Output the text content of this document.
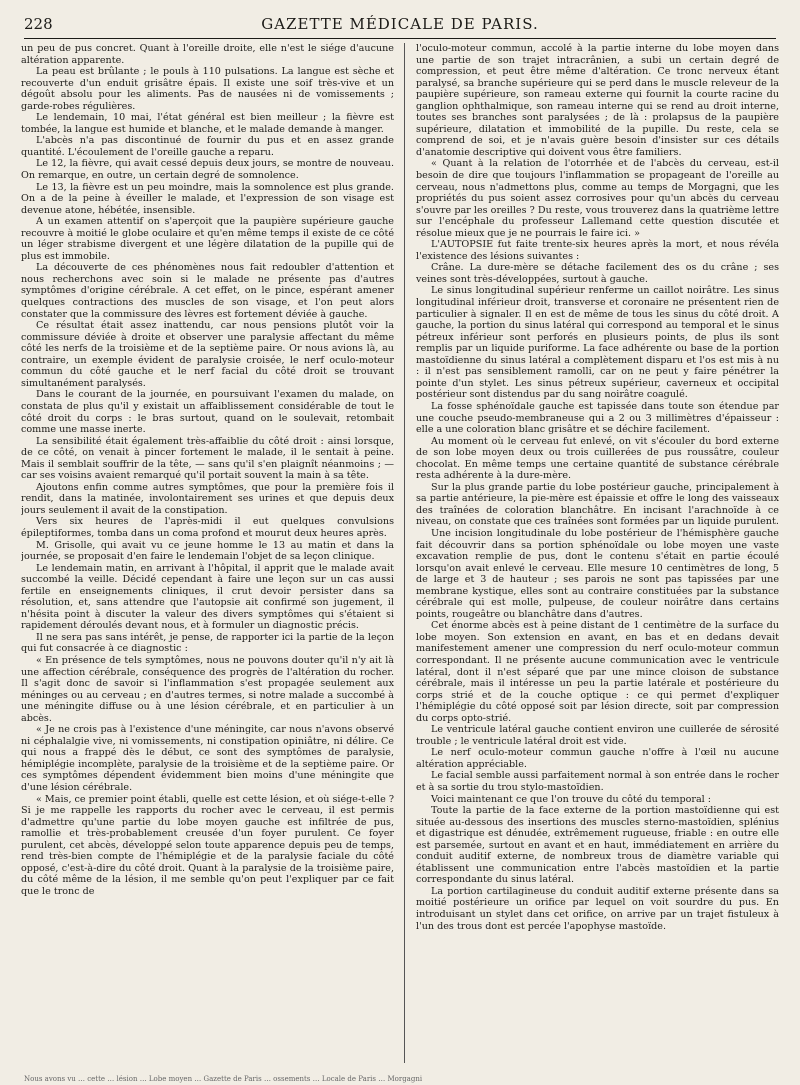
228	GAZETTE MÉDICALE DE PARIS.

un peu de pus concret. Quant à l'oreille droite, elle n'est le siége d'aucune altération apparente.

La peau est brûlante ; le pouls à 110 pulsations. La langue est sèche et recouverte d'un enduit grisâtre épais. Il existe une soif très-vive et un dégoût absolu pour les aliments. Pas de nausées ni de vomissements ; garde-robes régulières.

Le lendemain, 10 mai, l'état général est bien meilleur ; la fièvre est tombée, la langue est humide et blanche, et le malade demande à manger.

L'abcès n'a pas discontinué de fournir du pus et en assez grande quantité. L'écoulement de l'oreille gauche a reparu.

Le 12, la fièvre, qui avait cessé depuis deux jours, se montre de nouveau. On remarque, en outre, un certain degré de somnolence.

Le 13, la fièvre est un peu moindre, mais la somnolence est plus grande. On a de la peine à éveiller le malade, et l'expression de son visage est devenue atone, hébétée, insensible.

A un examen attentif on s'aperçoit que la paupière supérieure gauche recouvre à moitié le globe oculaire et qu'en même temps il existe de ce côté un léger strabisme divergent et une légère dilatation de la pupille qui de plus est immobile.

La découverte de ces phénomènes nous fait redoubler d'attention et nous recherchons avec soin si le malade ne présente pas d'autres symptômes d'origine cérébrale. A cet effet, on le pince, espérant amener quelques contractions des muscles de son visage, et l'on peut alors constater que la commissure des lèvres est fortement déviée à gauche.

Ce résultat était assez inattendu, car nous pensions plutôt voir la commissure déviée à droite et observer une paralysie affectant du même côté les nerfs de la troisième et de la septième paire. Or nous avions là, au contraire, un exemple évident de paralysie croisée, le nerf oculo-moteur commun du côté gauche et le nerf facial du côté droit se trouvant simultanément paralysés.

Dans le courant de la journée, en poursuivant l'examen du malade, on constata de plus qu'il y existait un affaiblissement considérable de tout le côté droit du corps : le bras surtout, quand on le soulevait, retombait comme une masse inerte.

La sensibilité était également très-affaiblie du côté droit : ainsi lorsque, de ce côté, on venait à pincer fortement le malade, il le sentait à peine. Mais il semblait souffrir de la tête, — sans qu'il s'en plaignît néanmoins ; — car ses voisins avaient remarqué qu'il portait souvent la main à sa tête.

Ajoutons enfin comme autres symptômes, que pour la première fois il rendit, dans la matinée, involontairement ses urines et que depuis deux jours seulement il avait de la constipation.

Vers six heures de l'après-midi il eut quelques convulsions épileptiformes, tomba dans un coma profond et mourut deux heures après.

M. Grisolle, qui avait vu ce jeune homme le 13 au matin et dans la journée, se proposait d'en faire le lendemain l'objet de sa leçon clinique.

Le lendemain matin, en arrivant à l'hôpital, il apprit que le malade avait succombé la veille. Décidé cependant à faire une leçon sur un cas aussi fertile en enseignements cliniques, il crut devoir persister dans sa résolution, et, sans attendre que l'autopsie ait confirmé son jugement, il n'hésita point à discuter la valeur des divers symptômes qui s'étaient si rapidement déroulés devant nous, et à formuler un diagnostic précis.

Il ne sera pas sans intérêt, je pense, de rapporter ici la partie de la leçon qui fut consacrée à ce diagnostic :

« En présence de tels symptômes, nous ne pouvons douter qu'il n'y ait là une affection cérébrale, conséquence des progrès de l'altération du rocher. Il s'agit donc de savoir si l'inflammation s'est propagée seulement aux méninges ou au cerveau ; en d'autres termes, si notre malade a succombé à une méningite diffuse ou à une lésion cérébrale, et en particulier à un abcès.

« Je ne crois pas à l'existence d'une méningite, car nous n'avons observé ni céphalalgie vive, ni vomissements, ni constipation opiniâtre, ni délire. Ce qui nous a frappé dès le début, ce sont des symptômes de paralysie, hémiplégie incomplète, paralysie de la troisième et de la septième paire. Or ces symptômes dépendent évidemment bien moins d'une méningite que d'une lésion cérébrale.

« Mais, ce premier point établi, quelle est cette lésion, et où siége-t-elle ? Si je me rappelle les rapports du rocher avec le cerveau, il est permis d'admettre qu'une partie du lobe moyen gauche est infiltrée de pus, ramollie et très-probablement creusée d'un foyer purulent. Ce foyer purulent, cet abcès, développé selon toute apparence depuis peu de temps, rend très-bien compte de l'hémiplégie et de la paralysie faciale du côté opposé, c'est-à-dire du côté droit. Quant à la paralysie de la troisième paire, du côté même de la lésion, il me semble qu'on peut l'expliquer par ce fait que le tronc de

l'oculo-moteur commun, accolé à la partie interne du lobe moyen dans une partie de son trajet intracrânien, a subi un certain degré de compression, et peut être même d'altération. Ce tronc nerveux étant paralysé, sa branche supérieure qui se perd dans le muscle releveur de la paupière supérieure, son rameau externe qui fournit la courte racine du ganglion ophthalmique, son rameau interne qui se rend au droit interne, toutes ses branches sont paralysées ; de là : prolapsus de la paupière supérieure, dilatation et immobilité de la pupille. Du reste, cela se comprend de soi, et je n'avais guère besoin d'insister sur ces détails d'anatomie descriptive qui doivent vous être familiers.

« Quant à la relation de l'otorrhée et de l'abcès du cerveau, est-il besoin de dire que toujours l'inflammation se propageant de l'oreille au cerveau, nous n'admettons plus, comme au temps de Morgagni, que les propriétés du pus soient assez corrosives pour qu'un abcès du cerveau s'ouvre par les oreilles ? Du reste, vous trouverez dans la quatrième lettre sur l'encéphale du professeur Lallemand cette question discutée et résolue mieux que je ne pourrais le faire ici. »

L'AUTOPSIE fut faite trente-six heures après la mort, et nous révéla l'existence des lésions suivantes :

Crâne. La dure-mère se détache facilement des os du crâne ; ses veines sont très-développées, surtout à gauche.

Le sinus longitudinal supérieur renferme un caillot noirâtre. Les sinus longitudinal inférieur droit, transverse et coronaire ne présentent rien de particulier à signaler. Il en est de même de tous les sinus du côté droit. A gauche, la portion du sinus latéral qui correspond au temporal et le sinus pétreux inférieur sont perforés en plusieurs points, de plus ils sont remplis par un liquide puriforme. La face adhérente ou base de la portion mastoïdienne du sinus latéral a complètement disparu et l'os est mis à nu : il n'est pas sensiblement ramolli, car on ne peut y faire pénétrer la pointe d'un stylet. Les sinus pétreux supérieur, caverneux et occipital postérieur sont distendus par du sang noirâtre coagulé.

La fosse sphénoïdale gauche est tapissée dans toute son étendue par une couche pseudo-membraneuse qui a 2 ou 3 millimètres d'épaisseur : elle a une coloration blanc grisâtre et se déchire facilement.

Au moment où le cerveau fut enlevé, on vit s'écouler du bord externe de son lobe moyen deux ou trois cuillerées de pus roussâtre, couleur chocolat. En même temps une certaine quantité de substance cérébrale resta adhérente à la dure-mère.

Sur la plus grande partie du lobe postérieur gauche, principalement à sa partie antérieure, la pie-mère est épaissie et offre le long des vaisseaux des traînées de coloration blanchâtre. En incisant l'arachnoïde à ce niveau, on constate que ces traînées sont formées par un liquide purulent.

Une incision longitudinale du lobe postérieur de l'hémisphère gauche fait découvrir dans sa portion sphénoïdale ou lobe moyen une vaste excavation remplie de pus, dont le contenu s'était en partie écoulé lorsqu'on avait enlevé le cerveau. Elle mesure 10 centimètres de long, 5 de large et 3 de hauteur ; ses parois ne sont pas tapissées par une membrane kystique, elles sont au contraire constituées par la substance cérébrale qui est molle, pulpeuse, de couleur noirâtre dans certains points, rougeâtre ou blanchâtre dans d'autres.

Cet énorme abcès est à peine distant de 1 centimètre de la surface du lobe moyen. Son extension en avant, en bas et en dedans devait manifestement amener une compression du nerf oculo-moteur commun correspondant. Il ne présente aucune communication avec le ventricule latéral, dont il n'est séparé que par une mince cloison de substance cérébrale, mais il intéresse un peu la partie latérale et postérieure du corps strié et de la couche optique : ce qui permet d'expliquer l'hémiplégie du côté opposé soit par lésion directe, soit par compression du corps opto-strié.

Le ventricule latéral gauche contient environ une cuillerée de sérosité trouble ; le ventricule latéral droit est vide.

Le nerf oculo-moteur commun gauche n'offre à l'œil nu aucune altération appréciable.

Le facial semble aussi parfaitement normal à son entrée dans le rocher et à sa sortie du trou stylo-mastoïdien.

Voici maintenant ce que l'on trouve du côté du temporal :

Toute la partie de la face externe de la portion mastoïdienne qui est située au-dessous des insertions des muscles sterno-mastoïdien, splénius et digastrique est dénudée, extrêmement rugueuse, friable : en outre elle est parsemée, surtout en avant et en haut, immédiatement en arrière du conduit auditif externe, de nombreux trous de diamètre variable qui établissent une communication entre l'abcès mastoïdien et la partie correspondante du sinus latéral.

La portion cartilagineuse du conduit auditif externe présente dans sa moitié postérieure un orifice par lequel on voit sourdre du pus. En introduisant un stylet dans cet orifice, on arrive par un trajet fistuleux à l'un des trous dont est percée l'apophyse mastoïde.

Nous avons vu … cette … lésion … Lobe moyen … Gazette de Paris … ossements … Locale de Paris … Morgagni
